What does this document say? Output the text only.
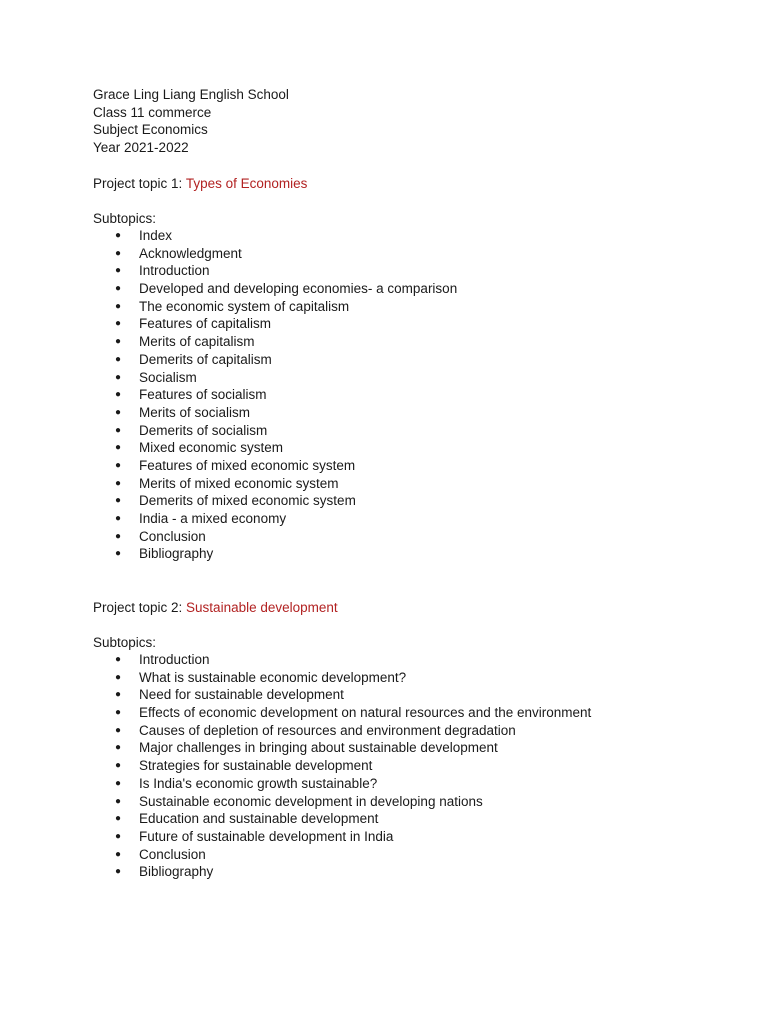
Grace Ling Liang English School
Class 11 commerce
Subject Economics
Year 2021-2022
Project topic 1: Types of Economies
Subtopics:
● Index
● Acknowledgment
● Introduction
● Developed and developing economies- a comparison
● The economic system of capitalism
● Features of capitalism
● Merits of capitalism
● Demerits of capitalism
● Socialism
● Features of socialism
● Merits of socialism
● Demerits of socialism
● Mixed economic system
● Features of mixed economic system
● Merits of mixed economic system
● Demerits of mixed economic system
● India - a mixed economy
● Conclusion
● Bibliography
Project topic 2: Sustainable development
Subtopics:
● Introduction
● What is sustainable economic development?
● Need for sustainable development
● Effects of economic development on natural resources and the environment
● Causes of depletion of resources and environment degradation
● Major challenges in bringing about sustainable development
● Strategies for sustainable development
● Is India's economic growth sustainable?
● Sustainable economic development in developing nations
● Education and sustainable development
● Future of sustainable development in India
● Conclusion
● Bibliography
